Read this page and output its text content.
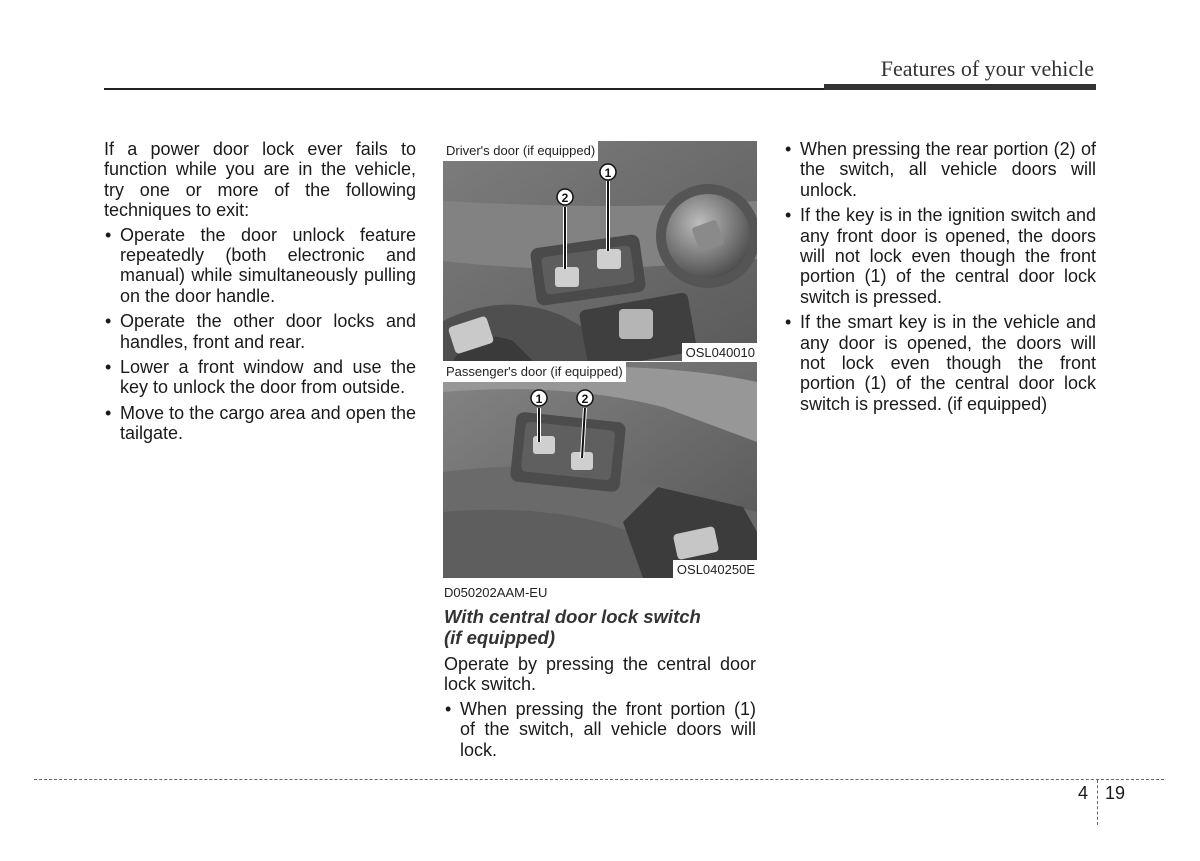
Features of your vehicle

If a power door lock ever fails to function while you are in the vehicle, try one or more of the following techniques to exit:

• Operate the door unlock feature repeatedly (both electronic and manual) while simultaneously pulling on the door handle.
• Operate the other door locks and handles, front and rear.
• Lower a front window and use the key to unlock the door from outside.
• Move to the cargo area and open the tailgate.
2
1
Driver's door (if equipped)
OSL040010
1	2
Passenger's door (if equipped)
OSL040250E

D050202AAM-EU

With central door lock switch
(if equipped)

Operate by pressing the central door lock switch.

• When pressing the front portion (1) of the switch, all vehicle doors will lock.
• When pressing the rear portion (2) of the switch, all vehicle doors will unlock.
• If the key is in the ignition switch and any front door is opened, the doors will not lock even though the front portion (1) of the central door lock switch is pressed.
• If the smart key is in the vehicle and any door is opened, the doors will not lock even though the front portion (1) of the central door lock switch is pressed. (if equipped)
4 19
